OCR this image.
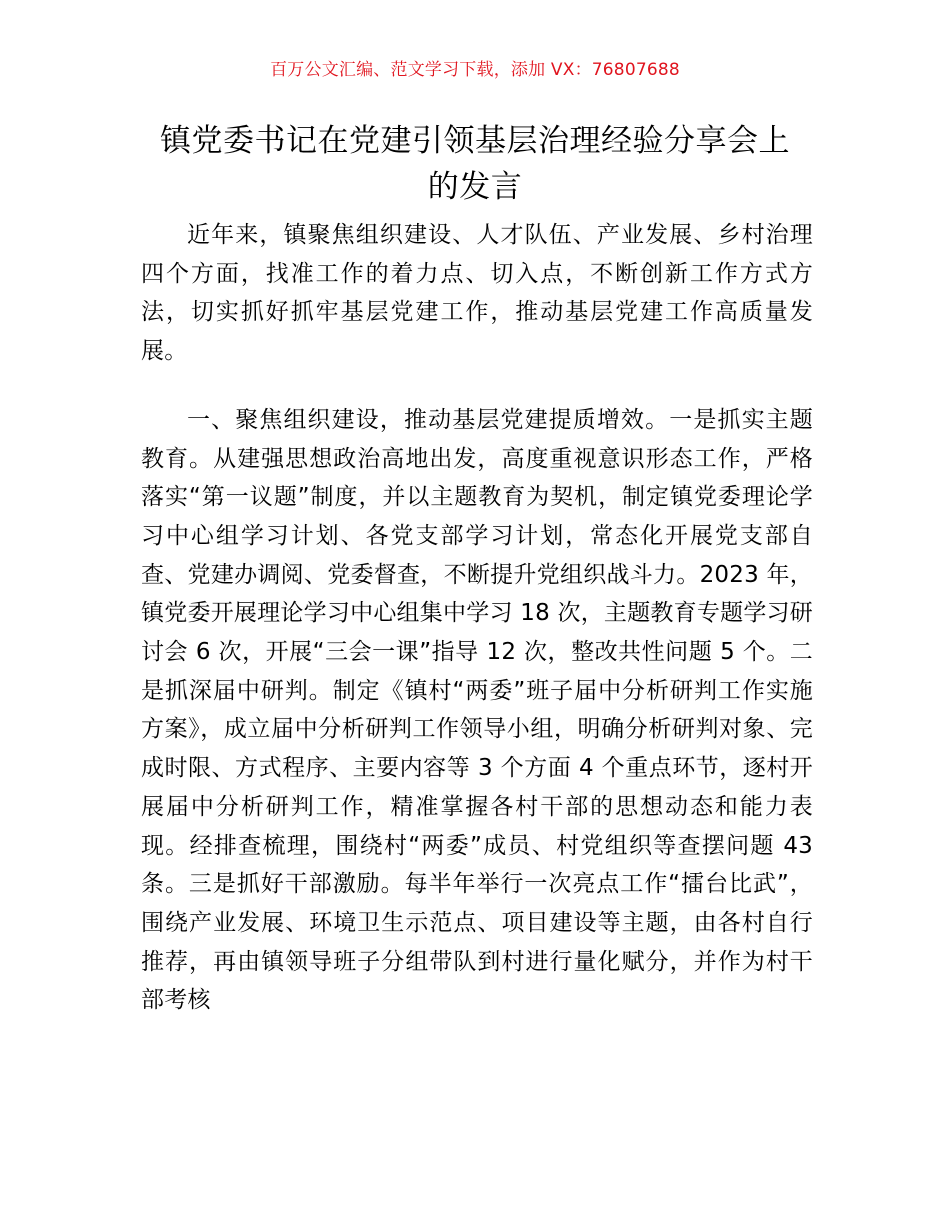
百万公文汇编、范文学习下载，添加 VX：76807688
镇党委书记在党建引领基层治理经验分享会上
的发言

近年来，镇聚焦组织建设、人才队伍、产业发展、乡村治理四个方面，找准工作的着力点、切入点，不断创新工作方式方法，切实抓好抓牢基层党建工作，推动基层党建工作高质量发展。

一、聚焦组织建设，推动基层党建提质增效。一是抓实主题教育。从建强思想政治高地出发，高度重视意识形态工作，严格落实“第一议题”制度，并以主题教育为契机，制定镇党委理论学习中心组学习计划、各党支部学习计划，常态化开展党支部自查、党建办调阅、党委督查，不断提升党组织战斗力。2023 年，镇党委开展理论学习中心组集中学习 18 次，主题教育专题学习研讨会 6 次，开展“三会一课”指导 12 次，整改共性问题 5 个。二是抓深届中研判。制定《镇村“两委”班子届中分析研判工作实施方案》，成立届中分析研判工作领导小组，明确分析研判对象、完成时限、方式程序、主要内容等 3 个方面 4 个重点环节，逐村开展届中分析研判工作，精准掌握各村干部的思想动态和能力表现。经排查梳理，围绕村“两委”成员、村党组织等查摆问题 43 条。三是抓好干部激励。每半年举行一次亮点工作“擂台比武”，围绕产业发展、环境卫生示范点、项目建设等主题，由各村自行推荐，再由镇领导班子分组带队到村进行量化赋分，并作为村干部考核
